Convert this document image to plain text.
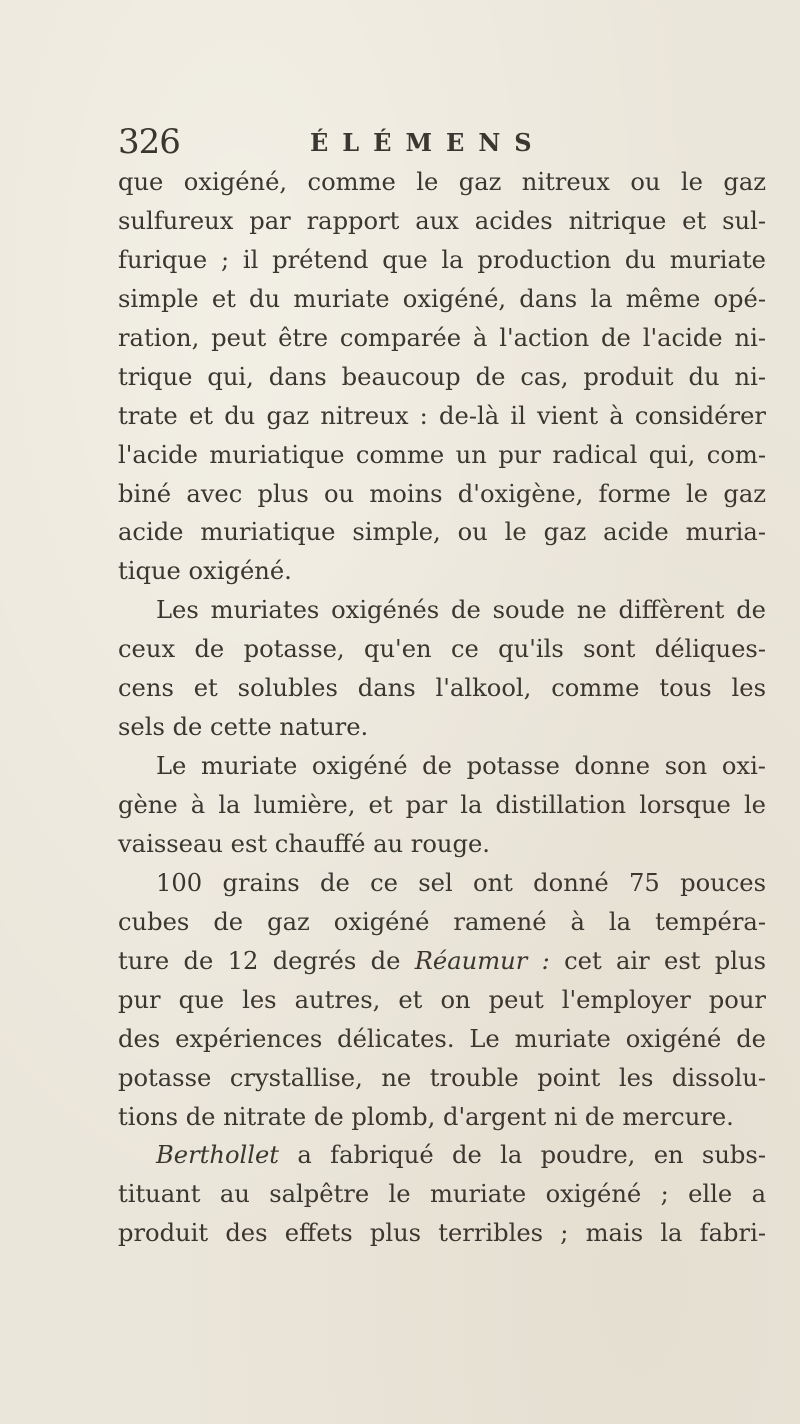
326	ÉLÉMENS
que oxigéné, comme le gaz nitreux ou le gaz
sulfureux par rapport aux acides nitrique et sul-
furique ; il prétend que la production du muriate
simple et du muriate oxigéné, dans la même opé-
ration, peut être comparée à l'action de l'acide ni-
trique qui, dans beaucoup de cas, produit du ni-
trate et du gaz nitreux : de-là il vient à considérer
l'acide muriatique comme un pur radical qui, com-
biné avec plus ou moins d'oxigène, forme le gaz
acide muriatique simple, ou le gaz acide muria-
tique oxigéné.
Les muriates oxigénés de soude ne diffèrent de
ceux de potasse, qu'en ce qu'ils sont déliques-
cens et solubles dans l'alkool, comme tous les
sels de cette nature.
Le muriate oxigéné de potasse donne son oxi-
gène à la lumière, et par la distillation lorsque le
vaisseau est chauffé au rouge.
100 grains de ce sel ont donné 75 pouces
cubes de gaz oxigéné ramené à la tempéra-
ture de 12 degrés de Réaumur : cet air est plus
pur que les autres, et on peut l'employer pour
des expériences délicates. Le muriate oxigéné de
potasse crystallise, ne trouble point les dissolu-
tions de nitrate de plomb, d'argent ni de mercure.
Berthollet a fabriqué de la poudre, en subs-
tituant au salpêtre le muriate oxigéné ; elle a
produit des effets plus terribles ; mais la fabri-
